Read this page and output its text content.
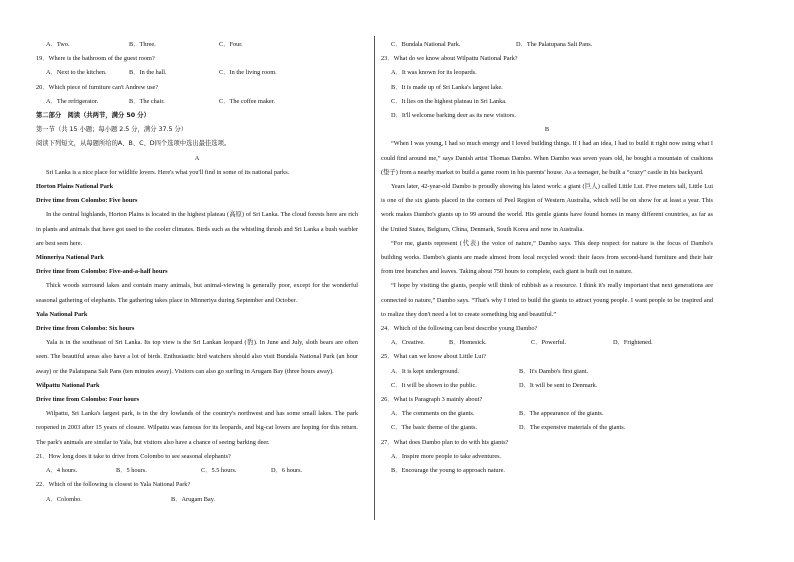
A．Two.	B．Three.	C．Four.
19．Where is the bathroom of the guest room?
A．Next to the kitchen.	B．In the hall.	C．In the living room.
20．Which piece of furniture can't Andrew use?
A．The refrigerator.	B．The chair.	C．The coffee maker.
第二部分　阅读（共两节，满分 50 分）
第一节（共 15 小题；每小题 2.5 分，满分 37.5 分）
阅读下列短文，从每题所给的A、B、C、D四个选项中选出最佳选项。
A
Sri Lanka is a nice place for wildlife lovers. Here's what you'll find in some of its national parks.
Horton Plains National Park
Drive time from Colombo: Five hours
In the central highlands, Horton Plains is located in the highest plateau (高原) of Sri Lanka. The cloud forests here are rich in plants and animals that have got used to the cooler climates. Birds such as the whistling thrush and Sri Lanka a bush warbler are best seen here.
Minneriya National Park
Drive time from Colombo: Five-and-a-half hours
Thick woods surround lakes and contain many animals, but animal-viewing is generally poor, except for the wonderful seasonal gathering of elephants. The gathering takes place in Minneriya during September and October.
Yala National Park
Drive time from Colombo: Six hours
Yala is in the southeast of Sri Lanka. Its top view is the Sri Lankan leopard (豹). In June and July, sloth bears are often seen. The beautiful areas also have a lot of birds. Enthusiastic bird watchers should also visit Bundala National Park (an hour away) or the Palatupana Salt Pans (ten minutes away). Visitors can also go surfing in Arugam Bay (three hours away).
Wilpattu National Park
Drive time from Colombo: Four hours
Wilpattu, Sri Lanka's largest park, is in the dry lowlands of the country's northwest and has some small lakes. The park reopened in 2003 after 15 years of closure. Wilpattu was famous for its leopards, and big-cat lovers are hoping for this return. The park's animals are similar to Yala, but visitors also have a chance of seeing barking deer.
21．How long does it take to drive from Colombo to see seasonal elephants?
A．4 hours.	B．5 hours.	C．5.5 hours.	D．6 hours.
22．Which of the following is closest to Yala National Park?
A．Colombo.	B．Arugam Bay.
C．Bundala National Park.	D．The Palatupana Salt Pans.
23．What do we know about Wilpattu National Park?
A．It was known for its leopards.
B．It is made up of Sri Lanka's largest lake.
C．It lies on the highest plateau in Sri Lanka.
D．It'll welcome barking deer as its new visitors.
B
“When I was young, I had so much energy and I loved building things. If I had an idea, I had to build it right now using what I could find around me,” says Danish artist Thomas Dambo. When Dambo was seven years old, he bought a mountain of cushions (垫子) from a nearby market to build a game room in his parents' house. As a teenager, he built a “crazy” castle in his backyard.
Years later, 42-year-old Dambo is proudly showing his latest work: a giant (巨人) called Little Lui. Five meters tall, Little Lui is one of the six giants placed in the corners of Peel Region of Western Australia, which will be on show for at least a year. This work makes Dambo's giants up to 99 around the world. His gentle giants have found homes in many different countries, as far as the United States, Belgium, China, Denmark, South Korea and now in Australia.
“For me, giants represent (代表) the voice of nature,” Dambo says. This deep respect for nature is the focus of Dambo's building works. Dambo's giants are made almost from local recycled wood: their faces from second-hand furniture and their hair from tree branches and leaves. Taking about 750 hours to complete, each giant is built out in nature.
“I hope by visiting the giants, people will think of rubbish as a resource. I think it's really important that next generations are connected to nature,” Dambo says. “That's why I tried to build the giants to attract young people. I want people to be inspired and to realize they don't need a lot to create something big and beautiful.”
24．Which of the following can best describe young Dambo?
A．Creative.	B．Homesick.	C．Powerful.	D．Frightened.
25．What can we know about Little Lui?
A．It is kept underground.	B．It's Dambo's first giant.
C．It will be shown to the public.	D．It will be sent to Denmark.
26．What is Paragraph 3 mainly about?
A．The comments on the giants.	B．The appearance of the giants.
C．The basic theme of the giants.	D．The expensive materials of the giants.
27．What does Dambo plan to do with his giants?
A．Inspire more people to take adventures.
B．Encourage the young to approach nature.
